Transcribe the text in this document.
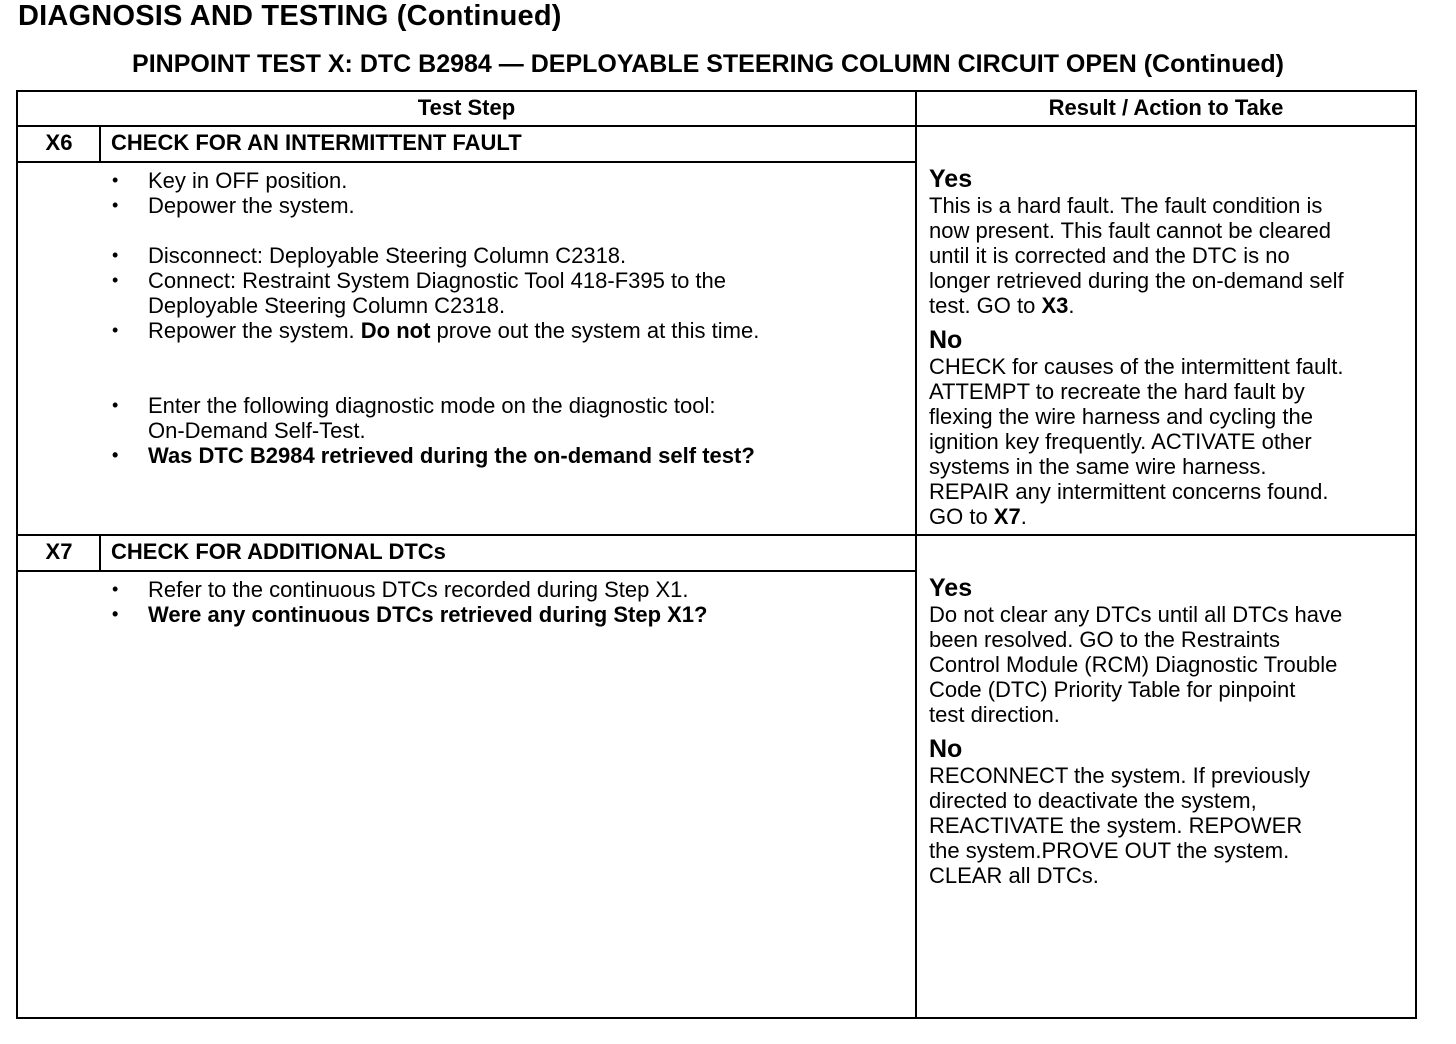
DIAGNOSIS AND TESTING (Continued)
PINPOINT TEST X: DTC B2984 — DEPLOYABLE STEERING COLUMN CIRCUIT OPEN (Continued)
Test Step	Result / Action to Take
X6	CHECK FOR AN INTERMITTENT FAULT
• Key in OFF position.
• Depower the system.
• Disconnect: Deployable Steering Column C2318.
• Connect: Restraint System Diagnostic Tool 418-F395 to the
Deployable Steering Column C2318.
• Repower the system. Do not prove out the system at this time.
• Enter the following diagnostic mode on the diagnostic tool:
On-Demand Self-Test.
• Was DTC B2984 retrieved during the on-demand self test?
Yes
This is a hard fault. The fault condition is
now present. This fault cannot be cleared
until it is corrected and the DTC is no
longer retrieved during the on-demand self
test. GO to X3.
No
CHECK for causes of the intermittent fault.
ATTEMPT to recreate the hard fault by
flexing the wire harness and cycling the
ignition key frequently. ACTIVATE other
systems in the same wire harness.
REPAIR any intermittent concerns found.
GO to X7.
X7	CHECK FOR ADDITIONAL DTCs
• Refer to the continuous DTCs recorded during Step X1.
• Were any continuous DTCs retrieved during Step X1?
Yes
Do not clear any DTCs until all DTCs have
been resolved. GO to the Restraints
Control Module (RCM) Diagnostic Trouble
Code (DTC) Priority Table for pinpoint
test direction.
No
RECONNECT the system. If previously
directed to deactivate the system,
REACTIVATE the system. REPOWER
the system.PROVE OUT the system.
CLEAR all DTCs.
